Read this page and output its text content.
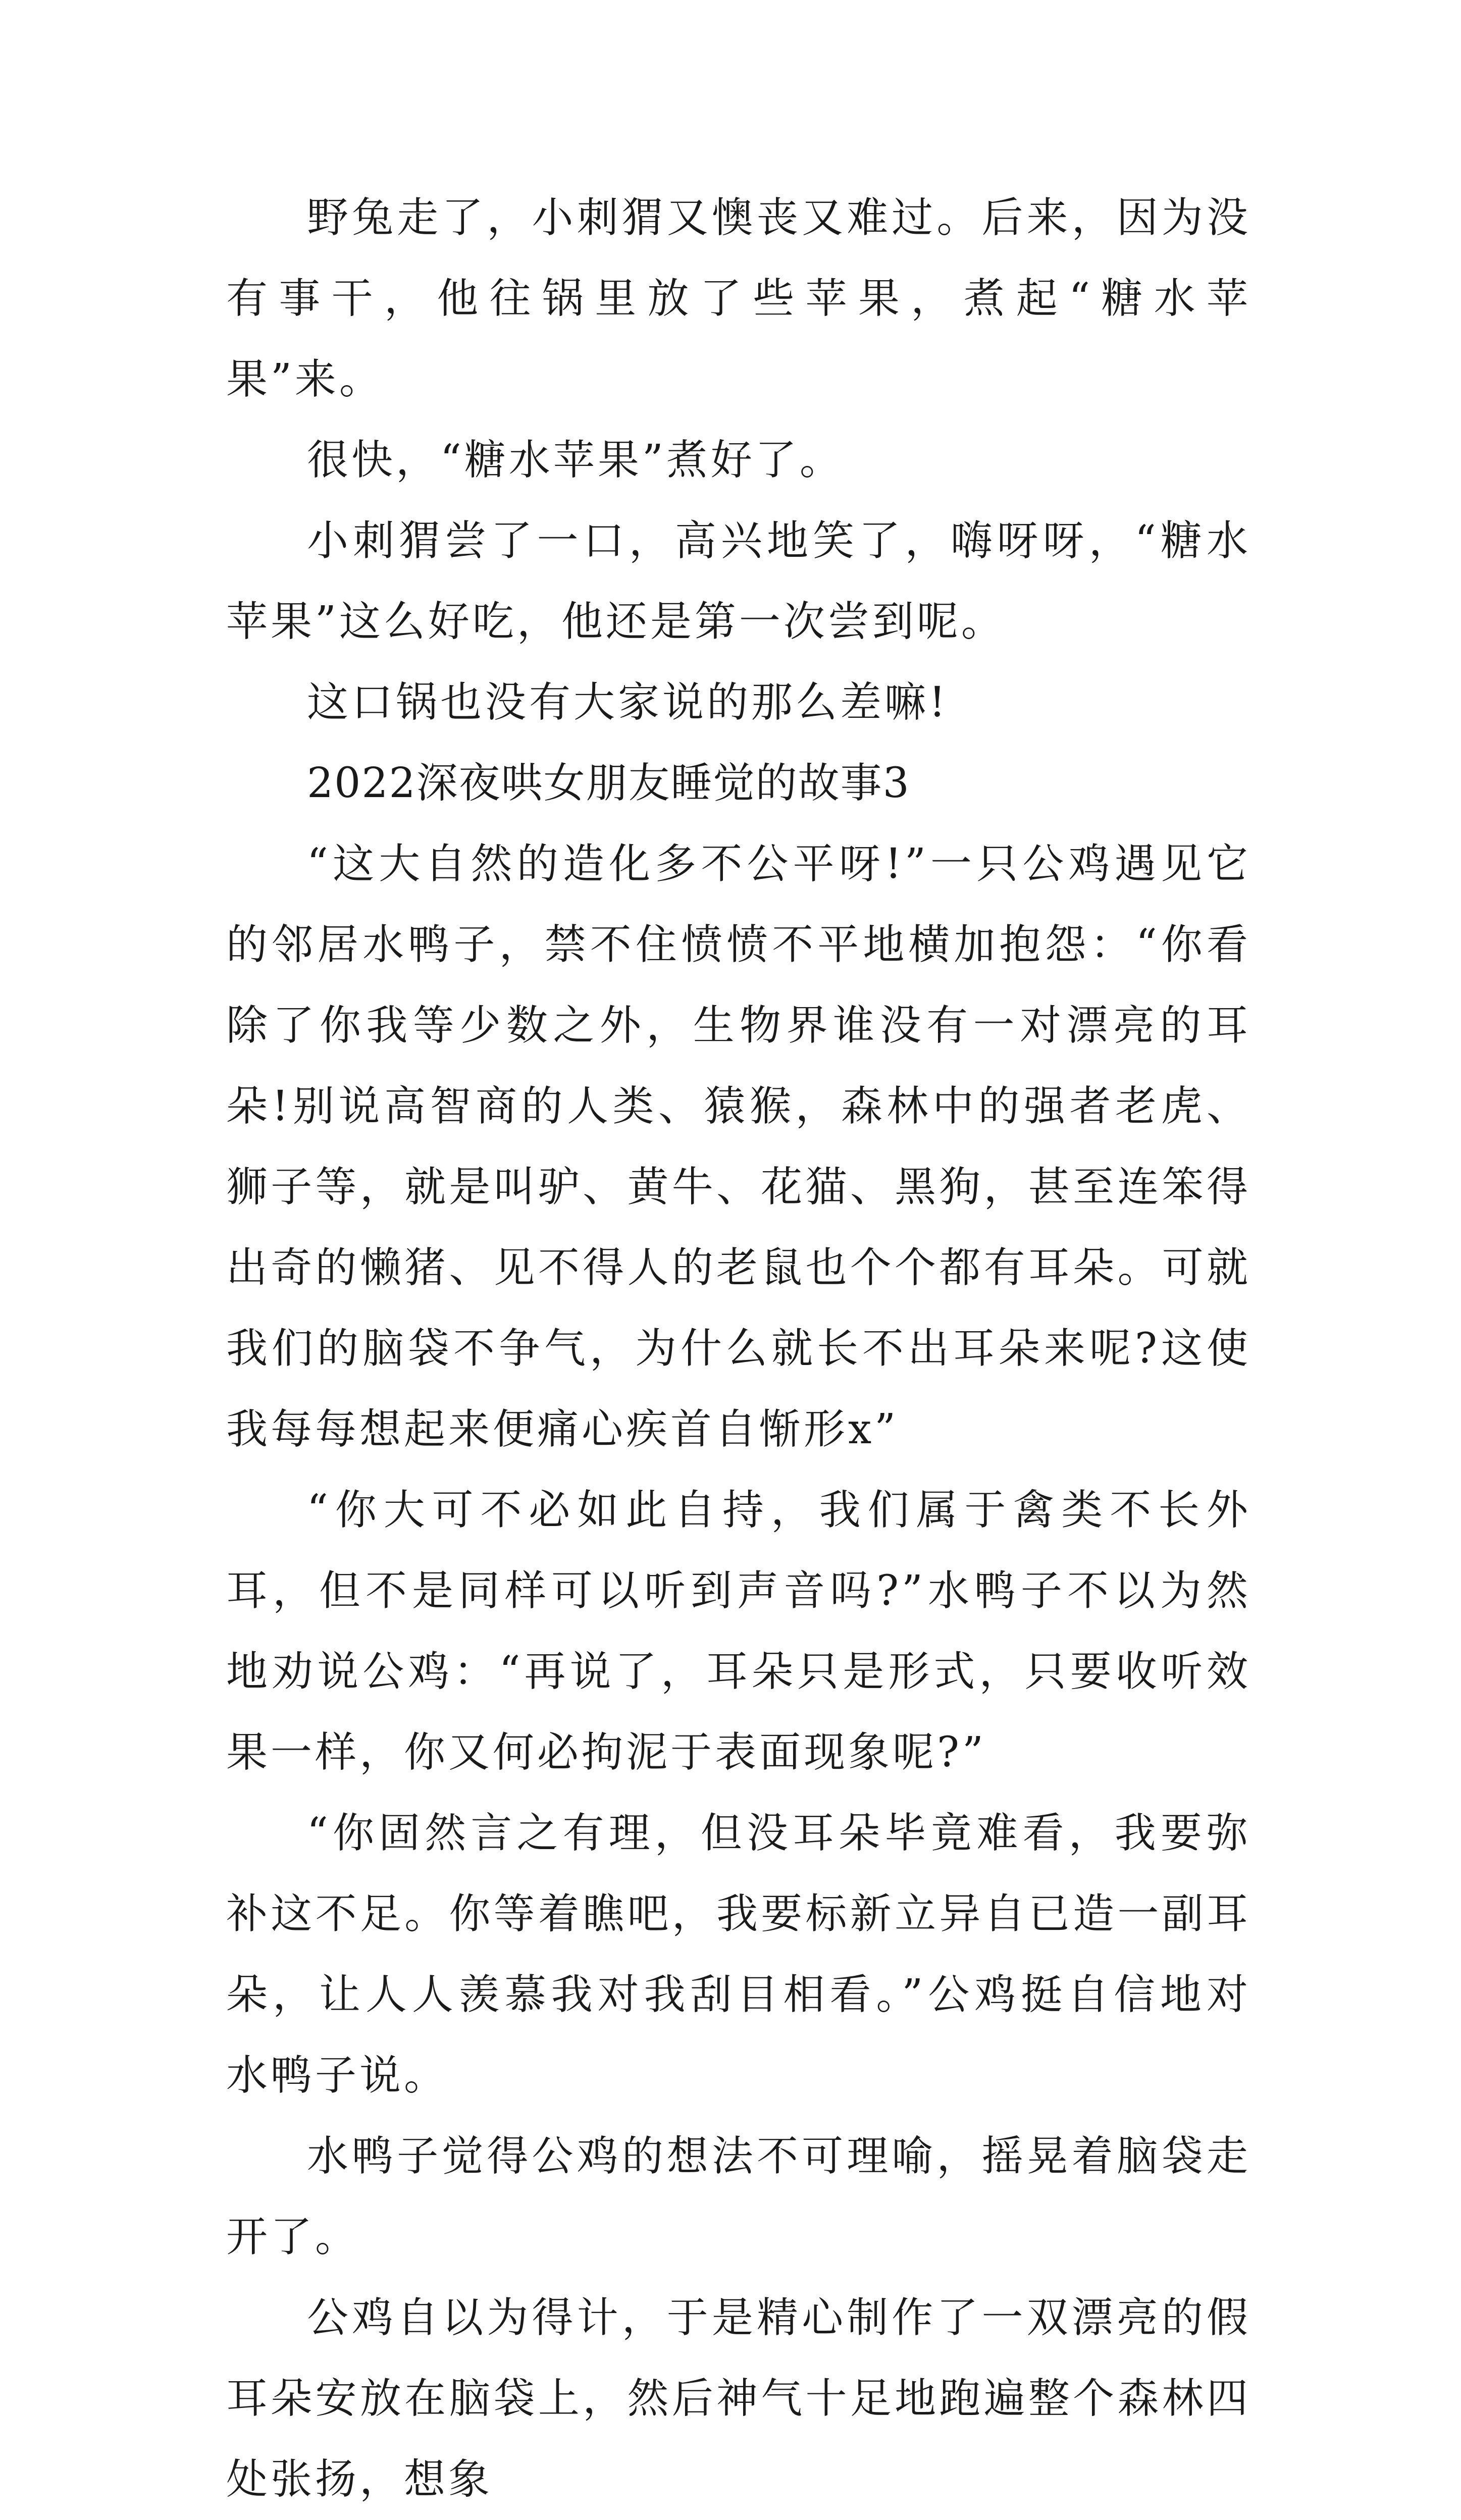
野兔走了，小刺猬又懊丧又难过。后来，因为没有事干，他往锅里放了些苹果，煮起“糖水苹果”来。

很快，“糖水苹果”煮好了。

小刺猬尝了一口，高兴地笑了，嗨呀呀，“糖水苹果”这么好吃，他还是第一次尝到呢。

这口锅也没有大家说的那么差嘛!

2022深夜哄女朋友睡觉的故事3

“这大自然的造化多不公平呀!”一只公鸡遇见它的邻居水鸭子，禁不住愤愤不平地横加抱怨：“你看除了你我等少数之外，生物界谁没有一对漂亮的耳朵!别说高智商的人类、猿猴，森林中的强者老虎、狮子等，就是叫驴、黄牛、花猫、黑狗，甚至连笨得出奇的懒猪、见不得人的老鼠也个个都有耳朵。可就我们的脑袋不争气，为什么就长不出耳朵来呢?这使我每每想起来便痛心疾首自惭形x”

“你大可不必如此自持，我们属于禽类不长外耳，但不是同样可以听到声音吗?”水鸭子不以为然地劝说公鸡：“再说了，耳朵只是形式，只要收听效果一样，你又何必拘泥于表面现象呢?”

“你固然言之有理，但没耳朵毕竟难看，我要弥补这不足。你等着瞧吧，我要标新立异自已造一副耳朵，让人人羡慕我对我刮目相看。”公鸡挺自信地对水鸭子说。

水鸭子觉得公鸡的想法不可理喻，摇晃着脑袋走开了。

公鸡自以为得计，于是精心制作了一双漂亮的假耳朵安放在脑袋上，然后神气十足地跑遍整个森林四处张扬，想象
